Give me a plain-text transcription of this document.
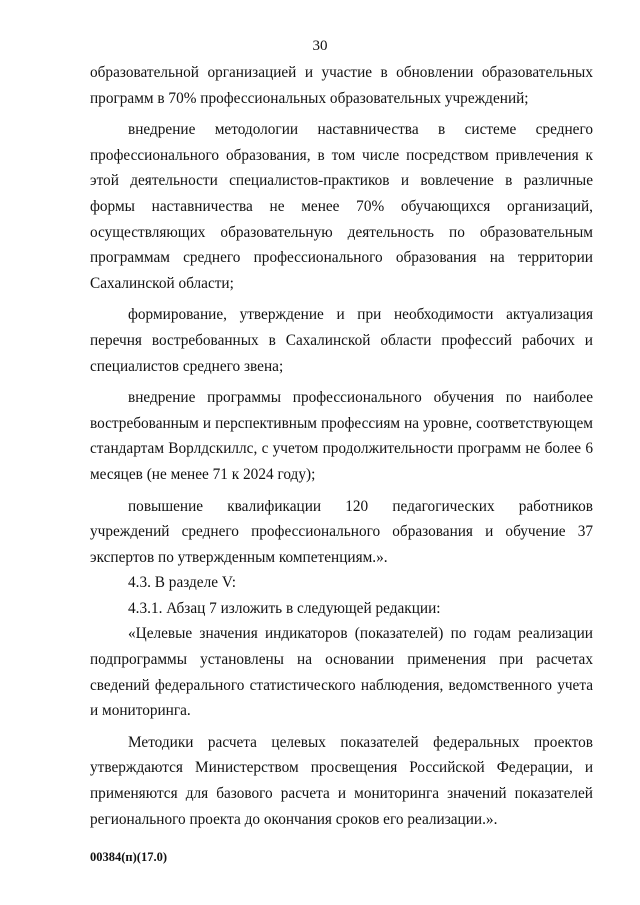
30

образовательной организацией и участие в обновлении образовательных программ в 70% профессиональных образовательных учреждений;

внедрение методологии наставничества в системе среднего профессионального образования, в том числе посредством привлечения к этой деятельности специалистов-практиков и вовлечение в различные формы наставничества не менее 70% обучающихся организаций, осуществляющих образовательную деятельность по образовательным программам среднего профессионального образования на территории Сахалинской области;

формирование, утверждение и при необходимости актуализация перечня востребованных в Сахалинской области профессий рабочих и специалистов среднего звена;

внедрение программы профессионального обучения по наиболее востребованным и перспективным профессиям на уровне, соответствующем стандартам Ворлдскиллс, с учетом продолжительности программ не более 6 месяцев (не менее 71 к 2024 году);

повышение квалификации 120 педагогических работников учреждений среднего профессионального образования и обучение 37 экспертов по утвержденным компетенциям.».

4.3. В разделе V:

4.3.1. Абзац 7 изложить в следующей редакции:

«Целевые значения индикаторов (показателей) по годам реализации подпрограммы установлены на основании применения при расчетах сведений федерального статистического наблюдения, ведомственного учета и мониторинга.

Методики расчета целевых показателей федеральных проектов утверждаются Министерством просвещения Российской Федерации, и применяются для базового расчета и мониторинга значений показателей регионального проекта до окончания сроков его реализации.».

00384(п)(17.0)
